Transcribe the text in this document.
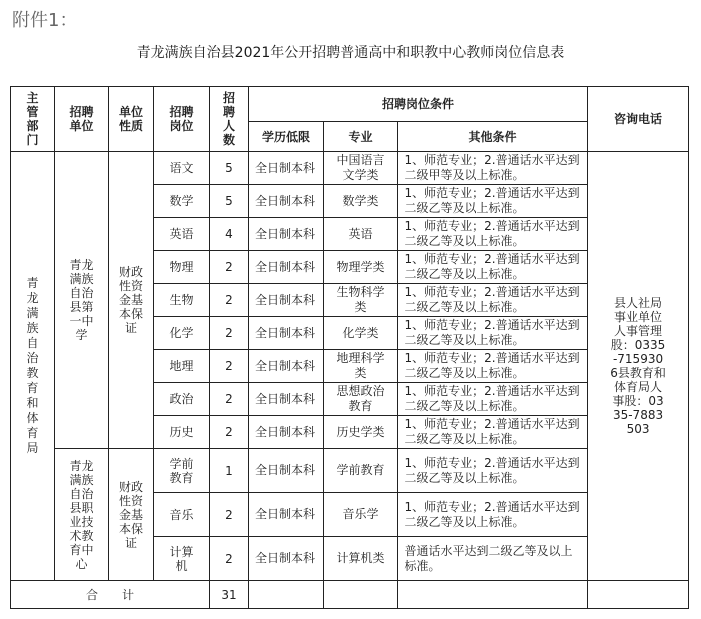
附件1：
青龙满族自治县2021年公开招聘普通高中和职教中心教师岗位信息表
主管部门	招聘单位	单位性质	招聘岗位	招聘人数	招聘岗位条件			咨询电话
					学历低限	专业	其他条件	
青龙满族自治教育和体育局	青龙满族自治县第一中学	财政性资金基本保证	语文	5	全日制本科	中国语言文学类	1、师范专业；2.普通话水平达到二级甲等及以上标准。	县人社局事业单位人事管理股：0335-7159306县教育和体育局人事股：0335-7883503
			数学	5	全日制本科	数学类	1、师范专业；2.普通话水平达到二级乙等及以上标准。	

			英语	4	全日制本科	英语	1、师范专业；2.普通话水平达到二级乙等及以上标准。	

			物理	2	全日制本科	物理学类	1、师范专业；2.普通话水平达到二级乙等及以上标准。	

			生物	2	全日制本科	生物科学类	1、师范专业；2.普通话水平达到二级乙等及以上标准。	

			化学	2	全日制本科	化学类	1、师范专业；2.普通话水平达到二级乙等及以上标准。	

			地理	2	全日制本科	地理科学类	1、师范专业；2.普通话水平达到二级乙等及以上标准。	

			政治	2	全日制本科	思想政治教育	1、师范专业；2.普通话水平达到二级乙等及以上标准。	

			历史	2	全日制本科	历史学类	1、师范专业；2.普通话水平达到二级乙等及以上标准。	

	青龙满族自治县职业技术教育中心	财政性资金基本保证	学前教育	1	全日制本科	学前教育	1、师范专业；2.普通话水平达到二级乙等及以上标准。	

			音乐	2	全日制本科	音乐学	1、师范专业；2.普通话水平达到二级乙等及以上标准。	

			计算机	2	全日制本科	计算机类	普通话水平达到二级乙等及以上标准。	

合　　计				31				
